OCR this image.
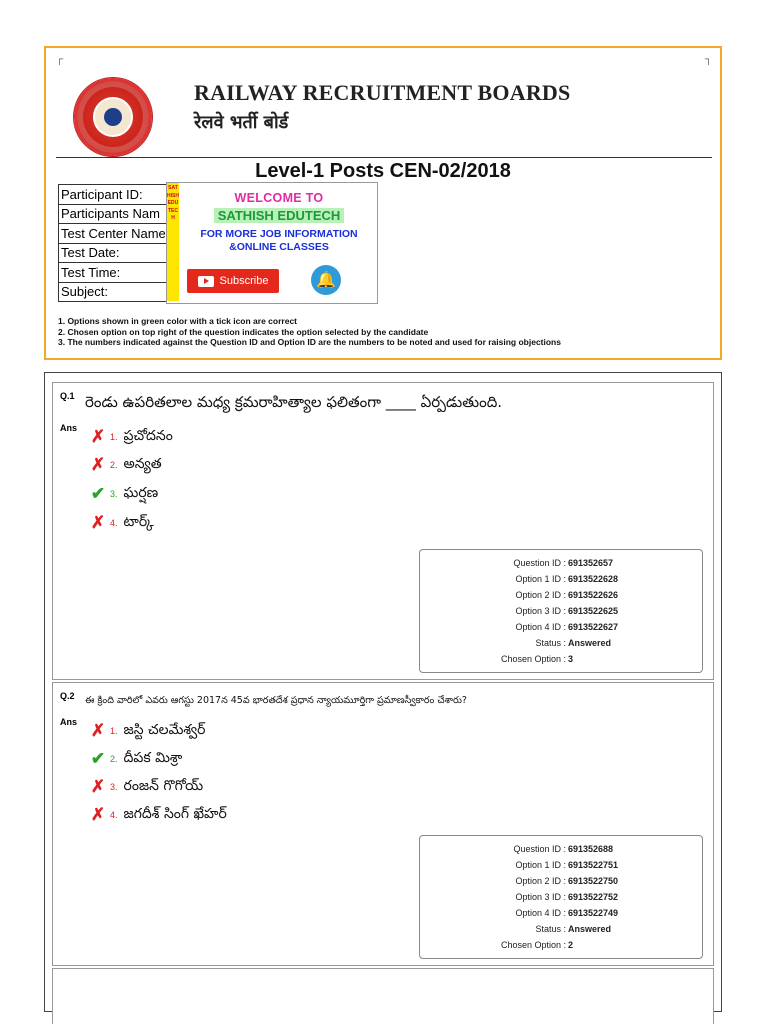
┌	┐
RAILWAY RECRUITMENT BOARDS
रेलवे भर्ती बोर्ड
Level-1 Posts CEN-02/2018
Participant ID:
Participants Nam
Test Center Name
Test Date:
Test Time:
Subject:
SATHISHEDUTECH
WELCOME TO
SATHISH EDUTECH
FOR MORE JOB INFORMATION
&ONLINE CLASSES
Subscribe	🔔
1. Options shown in green color with a tick icon are correct
2. Chosen option on top right of the question indicates the option selected by the candidate
3. The numbers indicated against the Question ID and Option ID are the numbers to be noted and used for raising objections
Q.1 రెండు ఉపరితలాల మధ్య క్రమరాహిత్యాల ఫలితంగా ____ ఏర్పడుతుంది.
Ans ✗ 1. ప్రచోదనం
✗ 2. అన్యత
✔ 3. ఘర్షణ
✗ 4. టార్క్
Question ID : 691352657
Option 1 ID : 6913522628
Option 2 ID : 6913522626
Option 3 ID : 6913522625
Option 4 ID : 6913522627
Status : Answered
Chosen Option : 3
Q.2 ఈ క్రింది వారిలో ఎవరు ఆగస్టు 2017న 45వ భారతదేశ ప్రధాన న్యాయమూర్తిగా ప్రమాణస్వీకారం చేశారు?
Ans ✗ 1. జస్టి చలమేశ్వర్
✔ 2. దీపక మిశ్రా
✗ 3. రంజన్ గొగోయ్
✗ 4. జగదీశ్ సింగ్ ఖేహర్
Question ID : 691352688
Option 1 ID : 6913522751
Option 2 ID : 6913522750
Option 3 ID : 6913522752
Option 4 ID : 6913522749
Status : Answered
Chosen Option : 2
